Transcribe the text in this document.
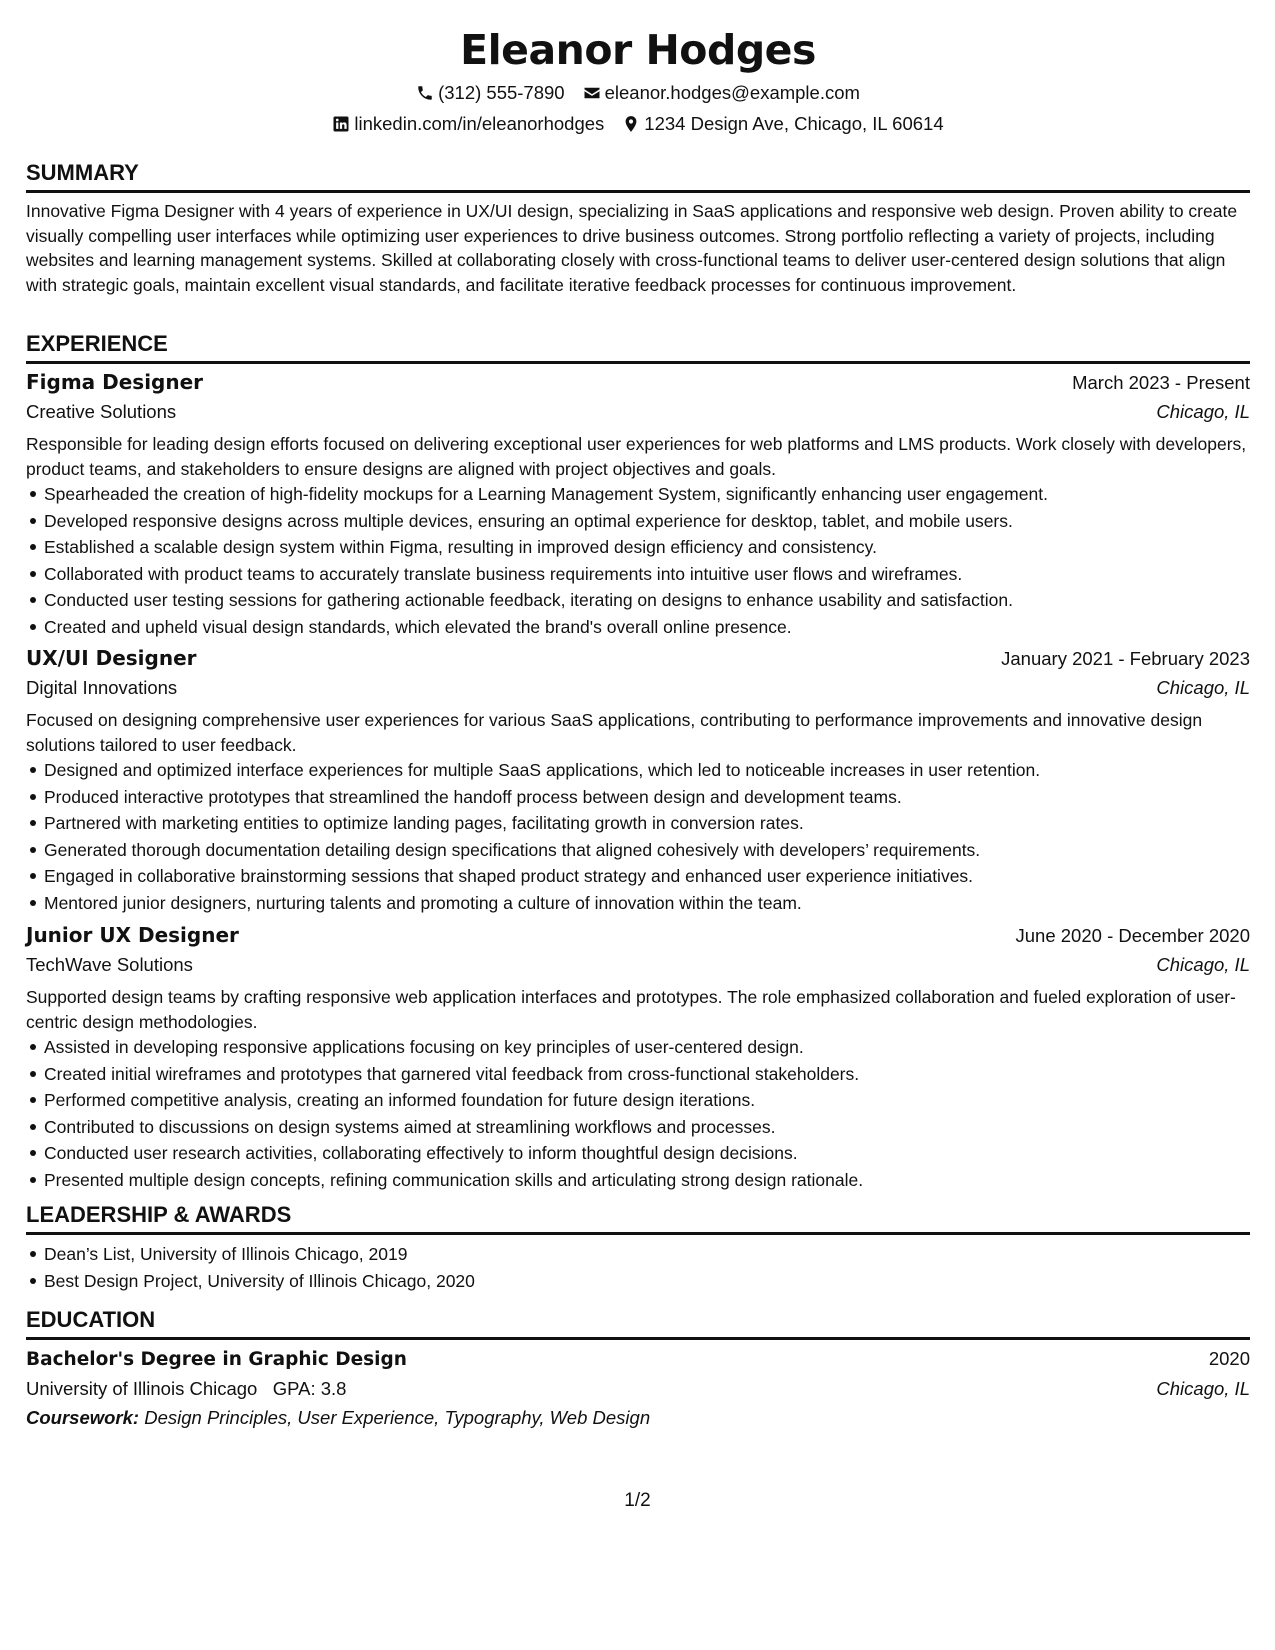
Eleanor Hodges
(312) 555-7890 eleanor.hodges@example.com
linkedin.com/in/eleanorhodges 1234 Design Ave, Chicago, IL 60614
SUMMARY

Innovative Figma Designer with 4 years of experience in UX/UI design, specializing in SaaS applications and responsive web design. Proven ability to create visually compelling user interfaces while optimizing user experiences to drive business outcomes. Strong portfolio reflecting a variety of projects, including websites and learning management systems. Skilled at collaborating closely with cross-functional teams to deliver user-centered design solutions that align with strategic goals, maintain excellent visual standards, and facilitate iterative feedback processes for continuous improvement.

EXPERIENCE
Figma Designer	March 2023 - Present
Creative Solutions	Chicago, IL
Responsible for leading design efforts focused on delivering exceptional user experiences for web platforms and LMS products. Work closely with developers, product teams, and stakeholders to ensure designs are aligned with project objectives and goals.
Spearheaded the creation of high-fidelity mockups for a Learning Management System, significantly enhancing user engagement.
Developed responsive designs across multiple devices, ensuring an optimal experience for desktop, tablet, and mobile users.
Established a scalable design system within Figma, resulting in improved design efficiency and consistency.
Collaborated with product teams to accurately translate business requirements into intuitive user flows and wireframes.
Conducted user testing sessions for gathering actionable feedback, iterating on designs to enhance usability and satisfaction.
Created and upheld visual design standards, which elevated the brand's overall online presence.
UX/UI Designer	January 2021 - February 2023
Digital Innovations	Chicago, IL
Focused on designing comprehensive user experiences for various SaaS applications, contributing to performance improvements and innovative design solutions tailored to user feedback.
Designed and optimized interface experiences for multiple SaaS applications, which led to noticeable increases in user retention.
Produced interactive prototypes that streamlined the handoff process between design and development teams.
Partnered with marketing entities to optimize landing pages, facilitating growth in conversion rates.
Generated thorough documentation detailing design specifications that aligned cohesively with developers’ requirements.
Engaged in collaborative brainstorming sessions that shaped product strategy and enhanced user experience initiatives.
Mentored junior designers, nurturing talents and promoting a culture of innovation within the team.
Junior UX Designer	June 2020 - December 2020
TechWave Solutions	Chicago, IL
Supported design teams by crafting responsive web application interfaces and prototypes. The role emphasized collaboration and fueled exploration of user-centric design methodologies.
Assisted in developing responsive applications focusing on key principles of user-centered design.
Created initial wireframes and prototypes that garnered vital feedback from cross-functional stakeholders.
Performed competitive analysis, creating an informed foundation for future design iterations.
Contributed to discussions on design systems aimed at streamlining workflows and processes.
Conducted user research activities, collaborating effectively to inform thoughtful design decisions.
Presented multiple design concepts, refining communication skills and articulating strong design rationale.
LEADERSHIP & AWARDS
Dean’s List, University of Illinois Chicago, 2019
Best Design Project, University of Illinois Chicago, 2020
EDUCATION
Bachelor's Degree in Graphic Design	2020
University of Illinois Chicago GPA: 3.8	Chicago, IL
Coursework: Design Principles, User Experience, Typography, Web Design
1/2
